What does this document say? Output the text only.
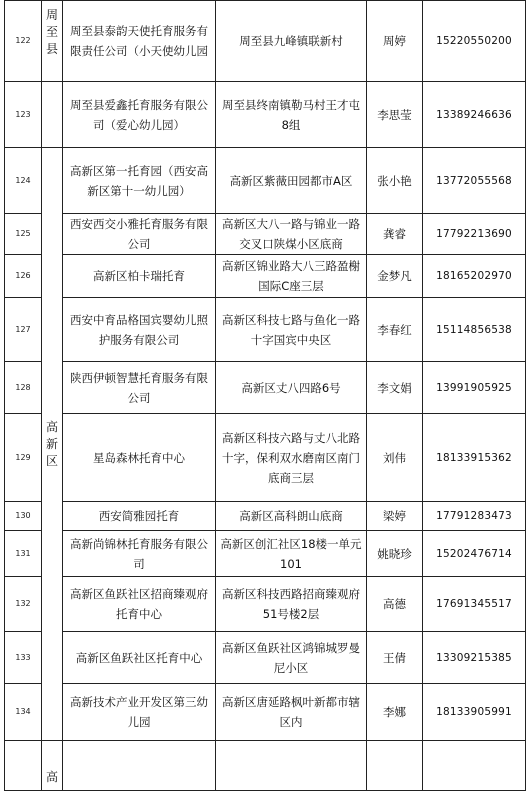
122	周至县	周至县泰韵天使托育服务有限责任公司（小天使幼儿园	周至县九峰镇联新村	周婷	15220550200
123		周至县爱鑫托育服务有限公司（爱心幼儿园）	周至县终南镇勒马村王才屯8组	李思莹	13389246636
124	高新区	高新区第一托育园（西安高新区第十一幼儿园）	高新区紫薇田园都市A区	张小艳	13772055568
125		西安西交小雅托育服务有限公司	高新区大八一路与锦业一路交叉口陕煤小区底商	龚睿	17792213690
126		高新区柏卡瑞托育	高新区锦业路大八三路盈榭国际C座三层	金梦凡	18165202970
127		西安中育品格国宾婴幼儿照护服务有限公司	高新区科技七路与鱼化一路十字国宾中央区	李春红	15114856538
128		陕西伊顿智慧托育服务有限公司	高新区丈八四路6号	李文娟	13991905925
129		星岛森林托育中心	高新区科技六路与丈八北路十字，保利双水磨南区南门底商三层	刘伟	18133915362
130		西安简雅园托育	高新区高科朗山底商	梁婷	17791283473
131		高新尚锦林托育服务有限公司	高新区创汇社区18楼一单元101	姚晓珍	15202476714
132		高新区鱼跃社区招商臻观府托育中心	高新区科技西路招商臻观府51号楼2层	高德	17691345517
133		高新区鱼跃社区托育中心	高新区鱼跃社区鸿锦城罗曼尼小区	王倩	13309215385
134		高新技术产业开发区第三幼儿园	高新区唐延路枫叶新都市辖区内	李娜	18133905991
	高				
